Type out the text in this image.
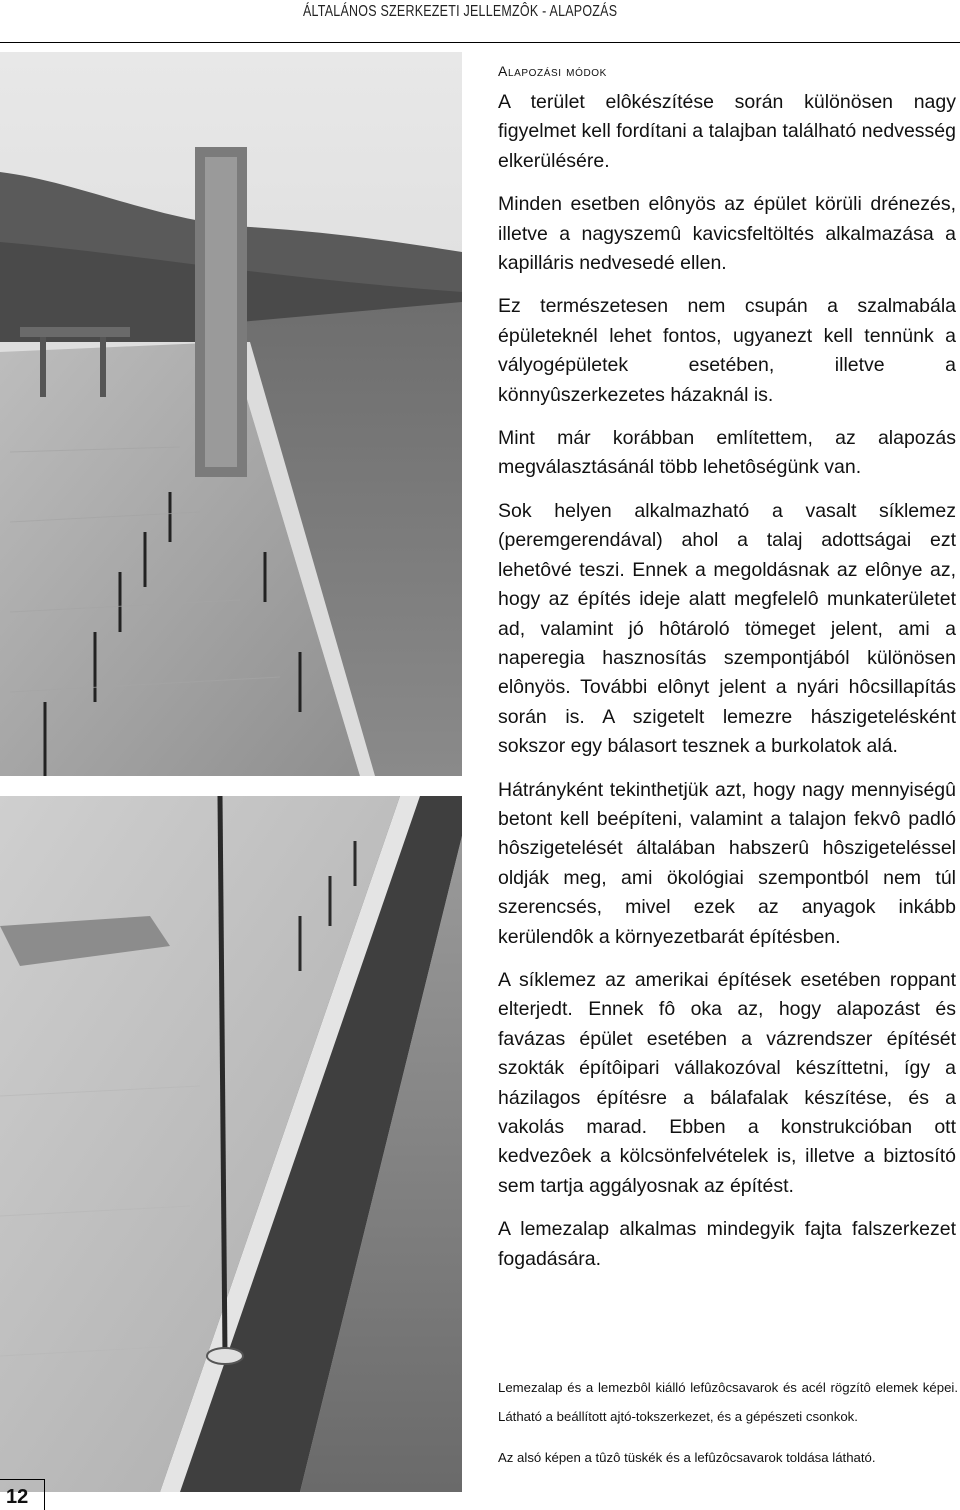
ÁLTALÁNOS SZERKEZETI JELLEMZÔK - ALAPOZÁS
Alapozási módok

A terület elôkészítése során különösen nagy figyelmet kell fordítani a talajban található nedvesség elkerülésére.

Minden esetben elônyös az épület körüli drénezés, illetve a nagyszemû kavicsfeltöltés alkalmazása a kapilláris nedvesedé ellen.

Ez természetesen nem csupán a szalmabála épületeknél lehet fontos, ugyanezt kell tennünk a vályogépületek esetében, illetve a könnyûszerkezetes házaknál is.

Mint már korábban említettem, az alapozás megválasztásánál több lehetôségünk van.

Sok helyen alkalmazható a vasalt síklemez (peremgerendával) ahol a talaj adottságai ezt lehetôvé teszi. Ennek a megoldásnak az elônye az, hogy az építés ideje alatt megfelelô munkaterületet ad, valamint jó hôtároló tömeget jelent, ami a naperegia hasznosítás szempontjából különösen elônyös. További elônyt jelent a nyári hôcsillapítás során is. A szigetelt lemezre hászigetelésként sokszor egy bálasort tesznek a burkolatok alá.

Hátrányként tekinthetjük azt, hogy nagy mennyiségû betont kell beépíteni, valamint a talajon fekvô padló hôszigetelését általában habszerû hôszigeteléssel oldják meg, ami ökológiai szempontból nem túl szerencsés, mivel ezek az anyagok inkább kerülendôk a környezetbarát építésben.

A síklemez az amerikai építések esetében roppant elterjedt. Ennek fô oka az, hogy alapozást és favázas épület esetében a vázrendszer építését szokták építôipari vállakozóval készíttetni, így a házilagos építésre a bálafalak készítése, és a vakolás marad. Ebben a konstrukcióban ott kedvezôek a kölcsönfelvételek is, illetve a biztosító sem tartja aggályosnak az építést.

A lemezalap alkalmas mindegyik fajta falszerkezet fogadására.

Lemezalap és a lemezbôl kiálló lefûzôcsavarok és acél rögzítô elemek képei. Látható a beállított ajtó-tokszerkezet, és a gépészeti csonkok.
Az alsó képen a tûzô tüskék és a lefûzôcsavarok toldása látható.
12
